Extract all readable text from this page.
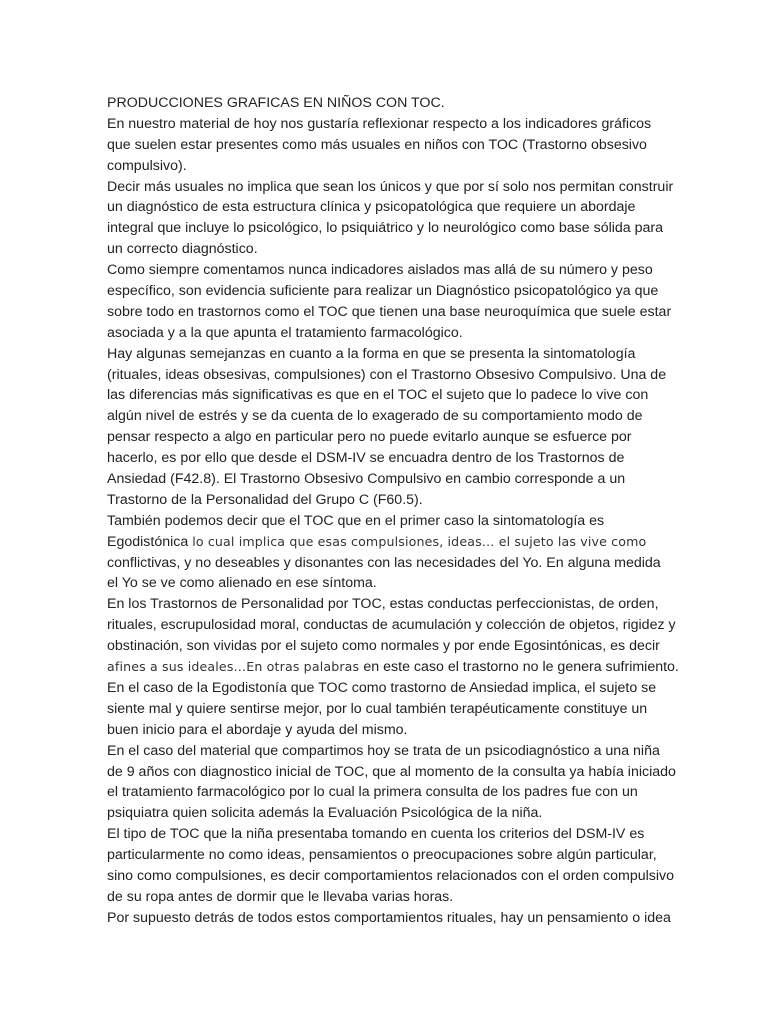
PRODUCCIONES GRAFICAS EN NIÑOS CON TOC.
En nuestro material de hoy nos gustaría reflexionar respecto a los indicadores gráficos
que suelen estar presentes como más usuales en niños con TOC (Trastorno obsesivo
compulsivo).
Decir más usuales no implica que sean los únicos y que por sí solo nos permitan construir
un diagnóstico de esta estructura clínica y psicopatológica que requiere un abordaje
integral que incluye lo psicológico, lo psiquiátrico y lo neurológico como base sólida para
un correcto diagnóstico.
Como siempre comentamos nunca indicadores aislados mas allá de su número y peso
específico, son evidencia suficiente para realizar un Diagnóstico psicopatológico ya que
sobre todo en trastornos como el TOC que tienen una base neuroquímica que suele estar
asociada y a la que apunta el tratamiento farmacológico.
Hay algunas semejanzas en cuanto a la forma en que se presenta la sintomatología
(rituales, ideas obsesivas, compulsiones) con el Trastorno Obsesivo Compulsivo. Una de
las diferencias más significativas es que en el TOC el sujeto que lo padece lo vive con
algún nivel de estrés y se da cuenta de lo exagerado de su comportamiento modo de
pensar respecto a algo en particular pero no puede evitarlo aunque se esfuerce por
hacerlo, es por ello que desde el DSM-IV se encuadra dentro de los Trastornos de
Ansiedad (F42.8). El Trastorno Obsesivo Compulsivo en cambio corresponde a un
Trastorno de la Personalidad del Grupo C (F60.5).
También podemos decir que el TOC que en el primer caso la sintomatología es
Egodistónica lo cual implica que esas compulsiones, ideas… el sujeto las vive como
conflictivas, y no deseables y disonantes con las necesidades del Yo. En alguna medida
el Yo se ve como alienado en ese síntoma.
En los Trastornos de Personalidad por TOC, estas conductas perfeccionistas, de orden,
rituales, escrupulosidad moral, conductas de acumulación y colección de objetos, rigidez y
obstinación, son vividas por el sujeto como normales y por ende Egosintónicas, es decir
afines a sus ideales…En otras palabras en este caso el trastorno no le genera sufrimiento.
En el caso de la Egodistonía que TOC como trastorno de Ansiedad implica, el sujeto se
siente mal y quiere sentirse mejor, por lo cual también terapéuticamente constituye un
buen inicio para el abordaje y ayuda del mismo.
En el caso del material que compartimos hoy se trata de un psicodiagnóstico a una niña
de 9 años con diagnostico inicial de TOC, que al momento de la consulta ya había iniciado
el tratamiento farmacológico por lo cual la primera consulta de los padres fue con un
psiquiatra quien solicita además la Evaluación Psicológica de la niña.
El tipo de TOC que la niña presentaba tomando en cuenta los criterios del DSM-IV es
particularmente no como ideas, pensamientos o preocupaciones sobre algún particular,
sino como compulsiones, es decir comportamientos relacionados con el orden compulsivo
de su ropa antes de dormir que le llevaba varias horas.
Por supuesto detrás de todos estos comportamientos rituales, hay un pensamiento o idea
